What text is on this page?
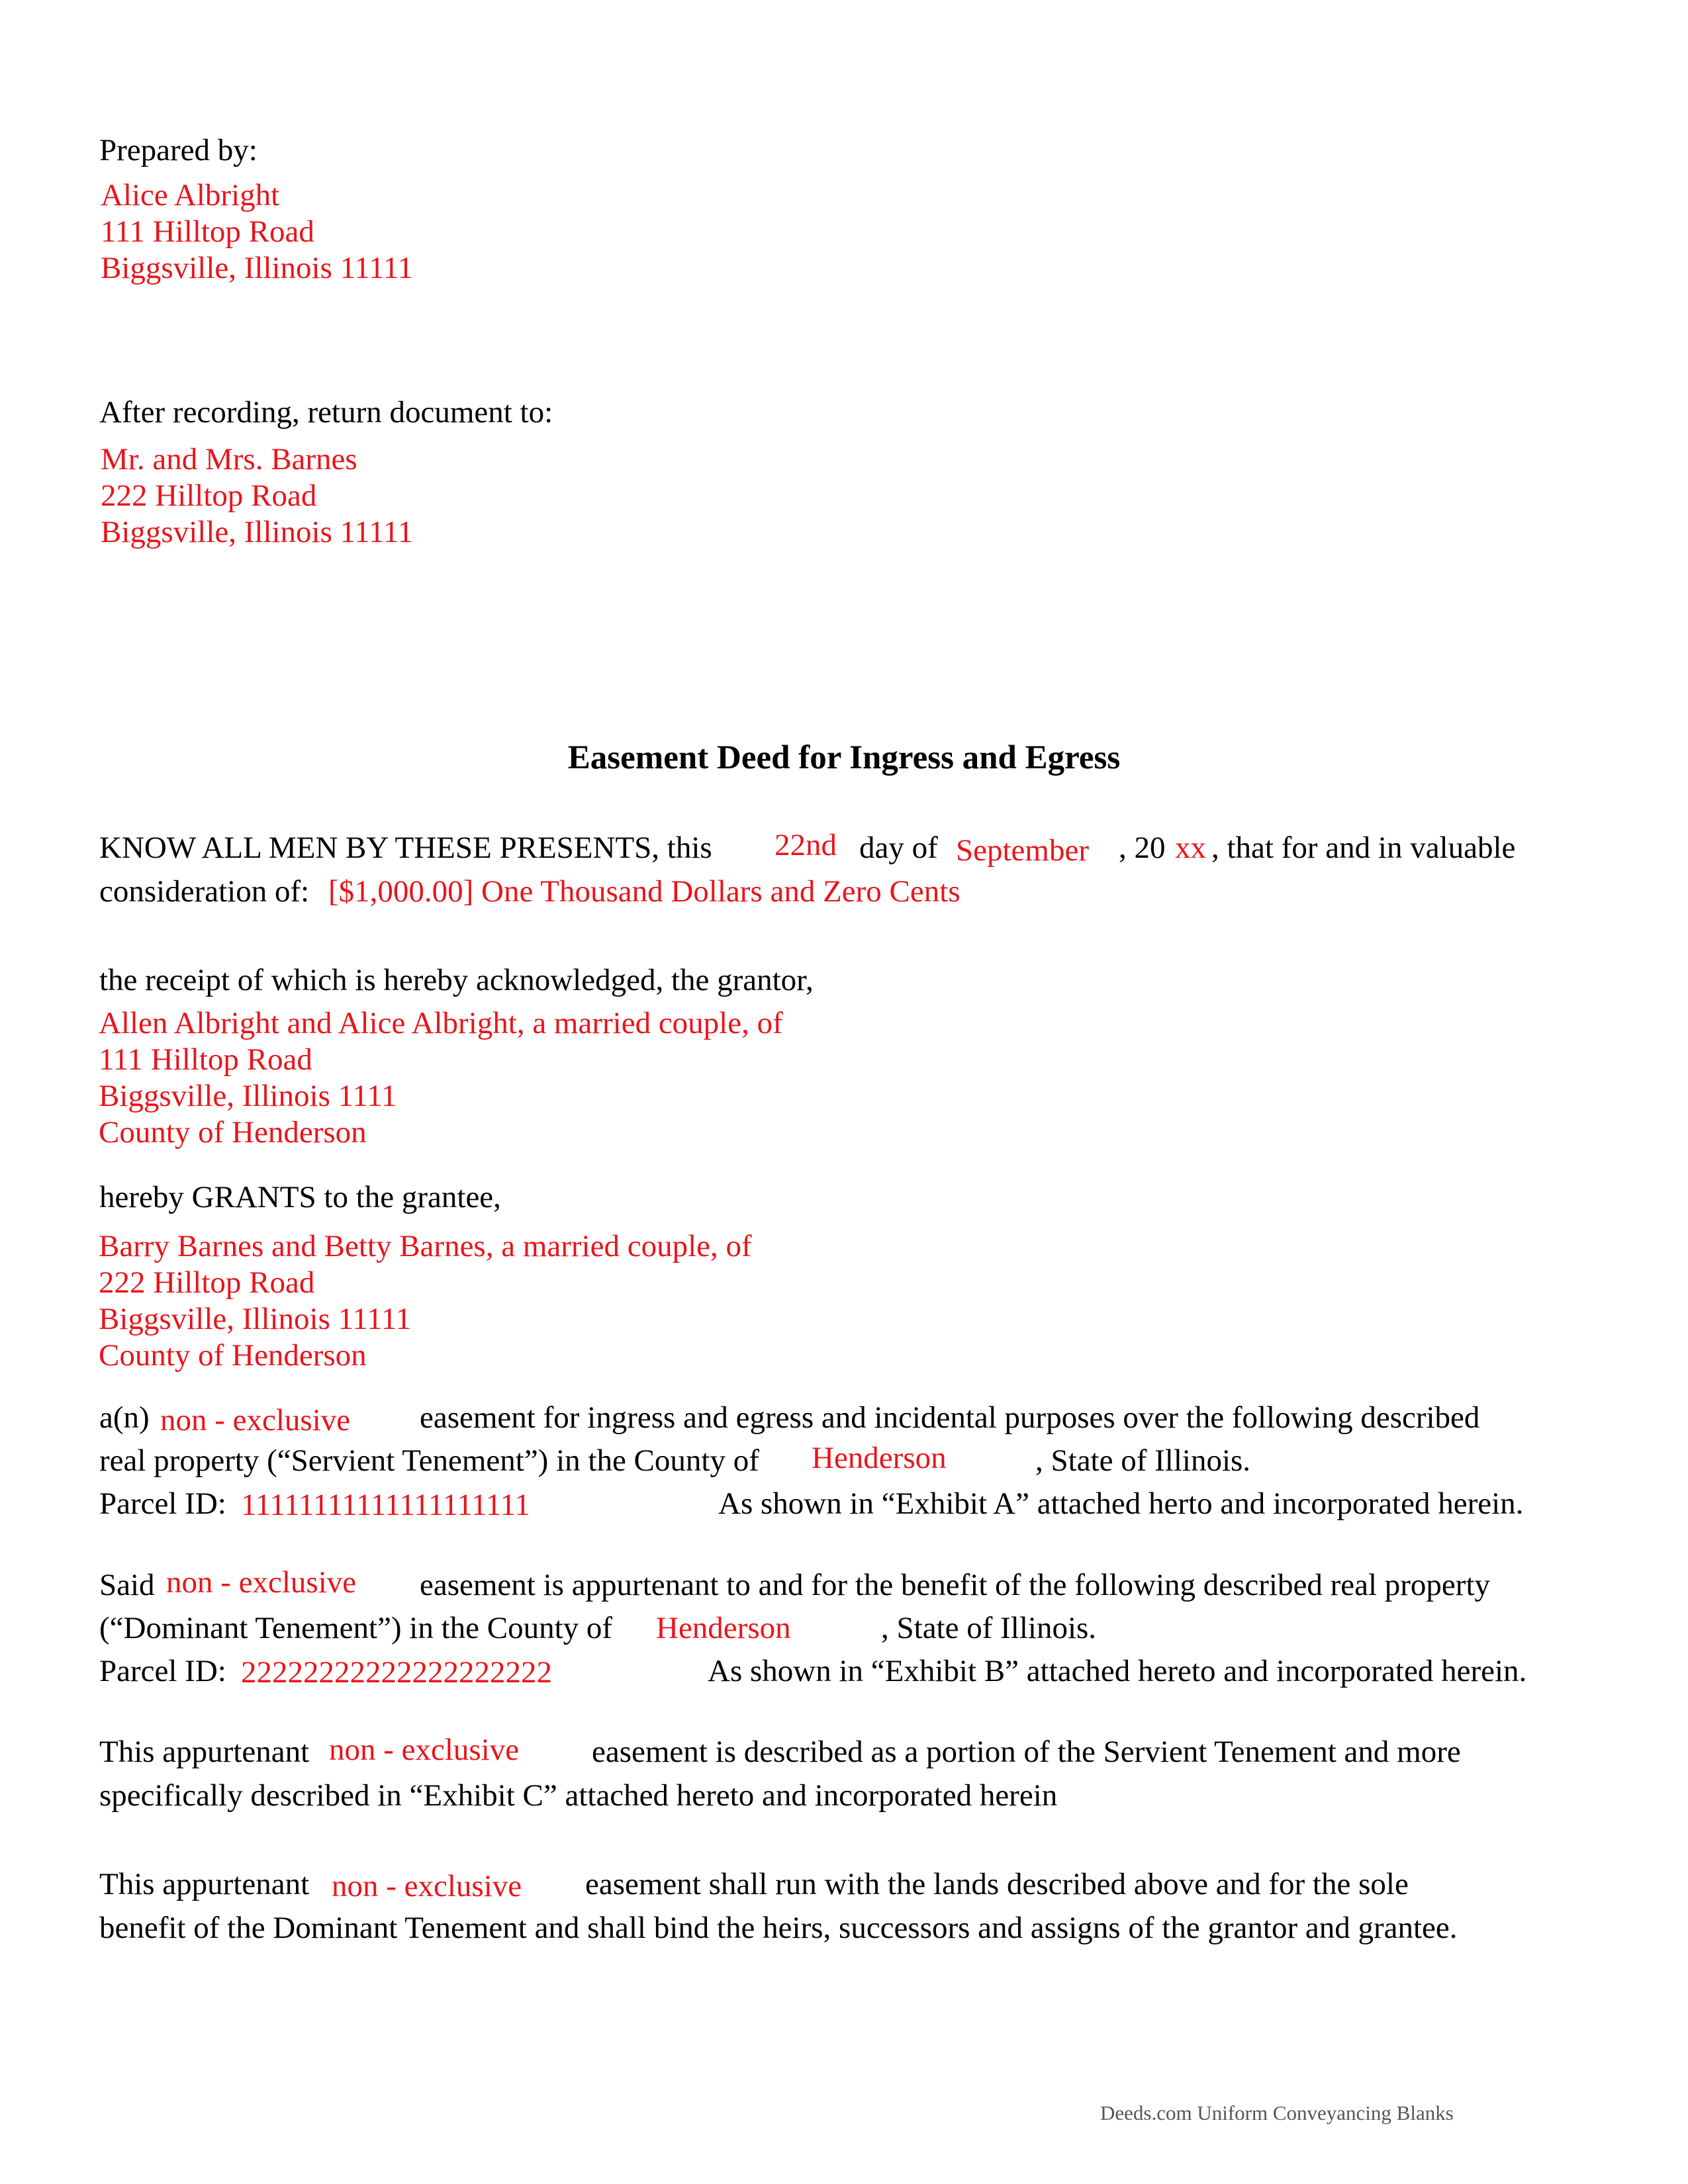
Prepared by:
Alice Albright
111 Hilltop Road
Biggsville, Illinois 11111
After recording, return document to:
Mr. and Mrs. Barnes
222 Hilltop Road
Biggsville, Illinois 11111
Easement Deed for Ingress and Egress
KNOW ALL MEN BY THESE PRESENTS, this 22nd day of September , 20 xx , that for and in valuable
consideration of: [$1,000.00] One Thousand Dollars and Zero Cents
the receipt of which is hereby acknowledged, the grantor,
Allen Albright and Alice Albright, a married couple, of
111 Hilltop Road
Biggsville, Illinois 1111
County of Henderson
hereby GRANTS to the grantee,
Barry Barnes and Betty Barnes, a married couple, of
222 Hilltop Road
Biggsville, Illinois 11111
County of Henderson
a(n) non - exclusive easement for ingress and egress and incidental purposes over the following described
real property (“Servient Tenement”) in the County of Henderson	, State of Illinois.
Parcel ID: 11111111111111111111	As shown in “Exhibit A” attached herto and incorporated herein.
Said non - exclusive easement is appurtenant to and for the benefit of the following described real property
(“Dominant Tenement”) in the County of Henderson	, State of Illinois.
Parcel ID: 22222222222222222222	As shown in “Exhibit B” attached hereto and incorporated herein.
This appurtenant non - exclusive easement is described as a portion of the Servient Tenement and more
specifically described in “Exhibit C” attached hereto and incorporated herein
This appurtenant non - exclusive easement shall run with the lands described above and for the sole
benefit of the Dominant Tenement and shall bind the heirs, successors and assigns of the grantor and grantee.
Deeds.com Uniform Conveyancing Blanks
